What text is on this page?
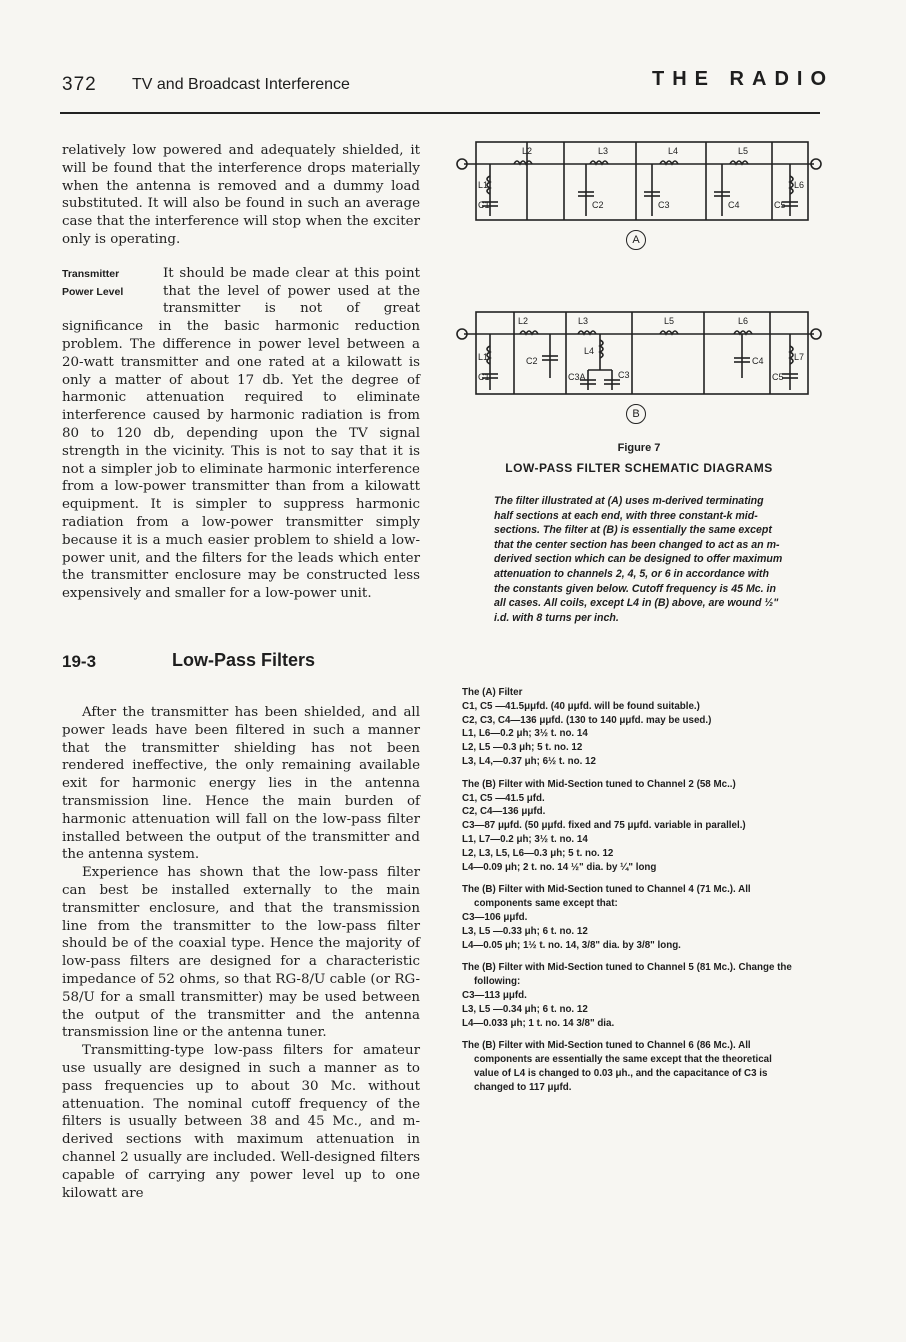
372 TV and Broadcast Interference	THE RADIO

relatively low powered and adequately shielded, it will be found that the interference drops materially when the antenna is removed and a dummy load substituted. It will also be found in such an average case that the interference will stop when the exciter only is operating.

Transmitter
Power Level

It should be made clear at this point that the level of power used at the transmitter is not of great significance in the basic harmonic reduction problem. The difference in power level between a 20-watt transmitter and one rated at a kilowatt is only a matter of about 17 db. Yet the degree of harmonic attenuation required to eliminate interference caused by harmonic radiation is from 80 to 120 db, depending upon the TV signal strength in the vicinity. This is not to say that it is not a simpler job to eliminate harmonic interference from a low-power transmitter than from a kilowatt equipment. It is simpler to suppress harmonic radiation from a low-power transmitter simply because it is a much easier problem to shield a low-power unit, and the filters for the leads which enter the transmitter enclosure may be constructed less expensively and smaller for a low-power unit.

19-3	Low-Pass Filters

After the transmitter has been shielded, and all power leads have been filtered in such a manner that the transmitter shielding has not been rendered ineffective, the only remaining available exit for harmonic energy lies in the antenna transmission line. Hence the main burden of harmonic attenuation will fall on the low-pass filter installed between the output of the transmitter and the antenna system.

Experience has shown that the low-pass filter can best be installed externally to the main transmitter enclosure, and that the transmission line from the transmitter to the low-pass filter should be of the coaxial type. Hence the majority of low-pass filters are designed for a characteristic impedance of 52 ohms, so that RG-8/U cable (or RG-58/U for a small transmitter) may be used between the output of the transmitter and the antenna transmission line or the antenna tuner.

Transmitting-type low-pass filters for amateur use usually are designed in such a manner as to pass frequencies up to about 30 Mc. without attenuation. The nominal cutoff frequency of the filters is usually between 38 and 45 Mc., and m-derived sections with maximum attenuation in channel 2 usually are included. Well-designed filters capable of carrying any power level up to one kilowatt are

L2	L3	L4	L5
L1	L6
C1	C2	C3	C4	C5
A
L2	L3	L5	L6
L4
L1	L7
C1
C2
C3A	C3
C4
C5
B
Figure 7
LOW-PASS FILTER SCHEMATIC DIAGRAMS
The filter illustrated at (A) uses m-derived terminating half sections at each end, with three constant-k mid-sections. The filter at (B) is essentially the same except that the center section has been changed to act as an m-derived section which can be designed to offer maximum attenuation to channels 2, 4, 5, or 6 in accordance with the constants given below. Cutoff frequency is 45 Mc. in all cases. All coils, except L4 in (B) above, are wound ½" i.d. with 8 turns per inch.
The (A) Filter
C1, C5 —41.5μμfd. (40 μμfd. will be found suitable.)
C2, C3, C4—136 μμfd. (130 to 140 μμfd. may be used.)
L1, L6—0.2 μh; 3½ t. no. 14
L2, L5 —0.3 μh; 5 t. no. 12
L3, L4,—0.37 μh; 6½ t. no. 12
The (B) Filter with Mid-Section tuned to Channel 2 (58 Mc..)
C1, C5 —41.5 μfd.
C2, C4—136 μμfd.
C3—87 μμfd. (50 μμfd. fixed and 75 μμfd. variable in parallel.)
L1, L7—0.2 μh; 3½ t. no. 14
L2, L3, L5, L6—0.3 μh; 5 t. no. 12
L4—0.09 μh; 2 t. no. 14 ½" dia. by ¼" long
The (B) Filter with Mid-Section tuned to Channel 4 (71 Mc.). All components same except that:
C3—106 μμfd.
L3, L5 —0.33 μh; 6 t. no. 12
L4—0.05 μh; 1½ t. no. 14, 3/8" dia. by 3/8" long.
The (B) Filter with Mid-Section tuned to Channel 5 (81 Mc.). Change the following:
C3—113 μμfd.
L3, L5 —0.34 μh; 6 t. no. 12
L4—0.033 μh; 1 t. no. 14 3/8" dia.
The (B) Filter with Mid-Section tuned to Channel 6 (86 Mc.). All components are essentially the same except that the theoretical value of L4 is changed to 0.03 μh., and the capacitance of C3 is changed to 117 μμfd.
